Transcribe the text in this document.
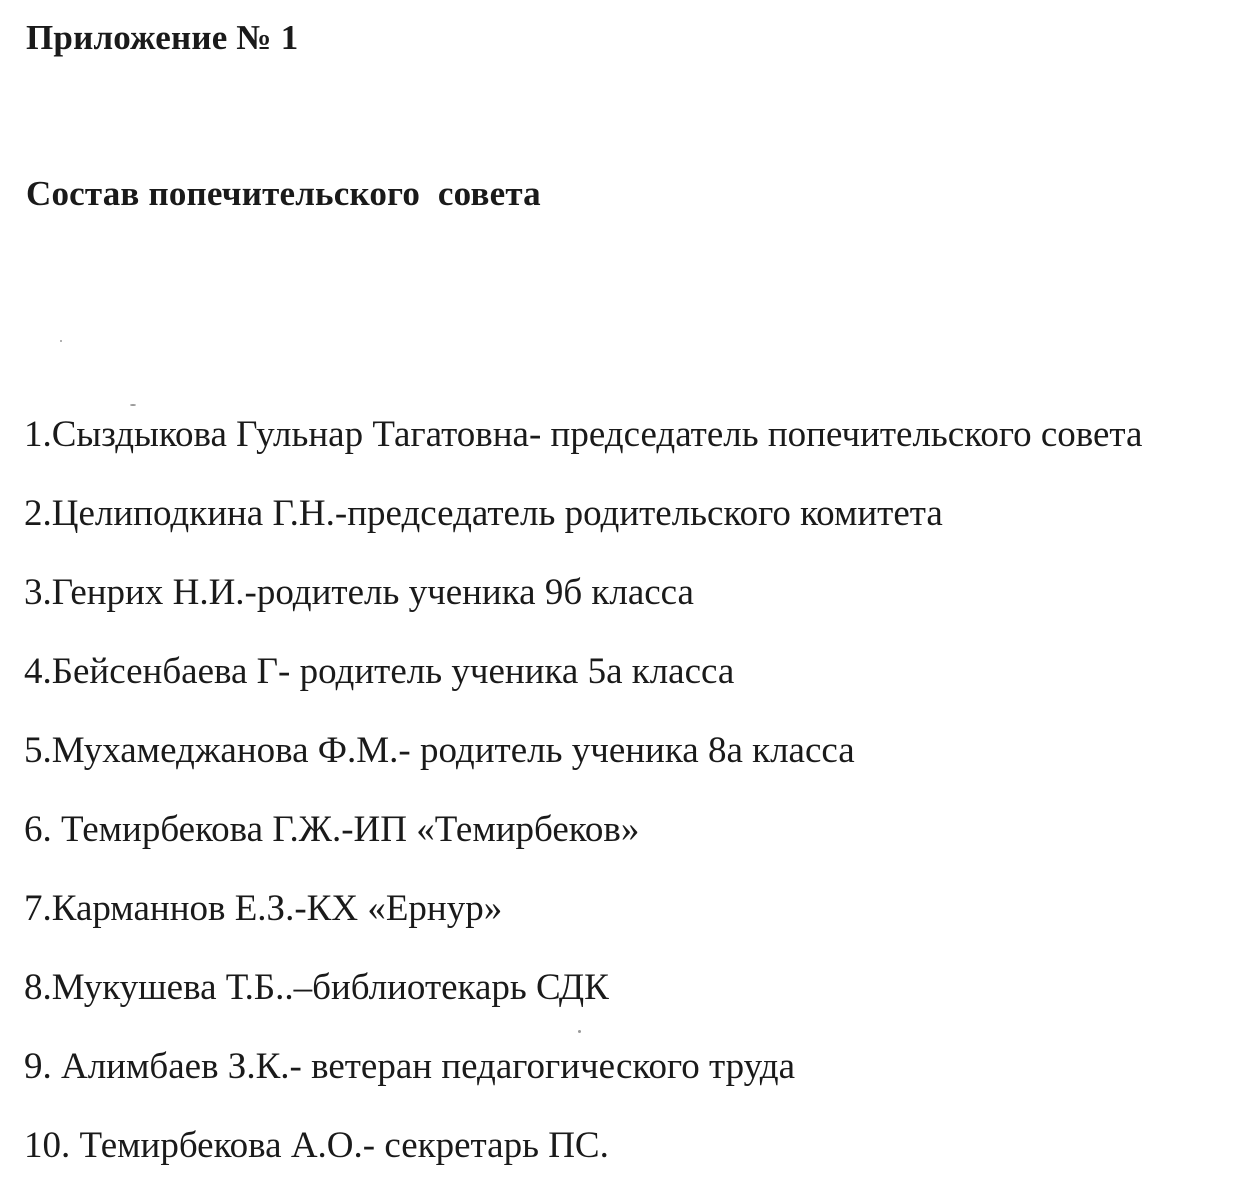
Приложение № 1
Состав попечительского  совета
1.Сыздыкова Гульнар Тагатовна- председатель попечительского совета
2.Целиподкина Г.Н.-председатель родительского комитета
3.Генрих Н.И.-родитель ученика 9б класса
4.Бейсенбаева Г- родитель ученика 5а класса
5.Мухамеджанова Ф.М.- родитель ученика 8а класса
6. Темирбекова Г.Ж.-ИП «Темирбеков»
7.Карманнов Е.З.-КХ «Ернур»
8.Мукушева Т.Б..–библиотекарь СДК
9. Алимбаев З.К.- ветеран педагогического труда
10. Темирбекова А.О.- секретарь ПС.
